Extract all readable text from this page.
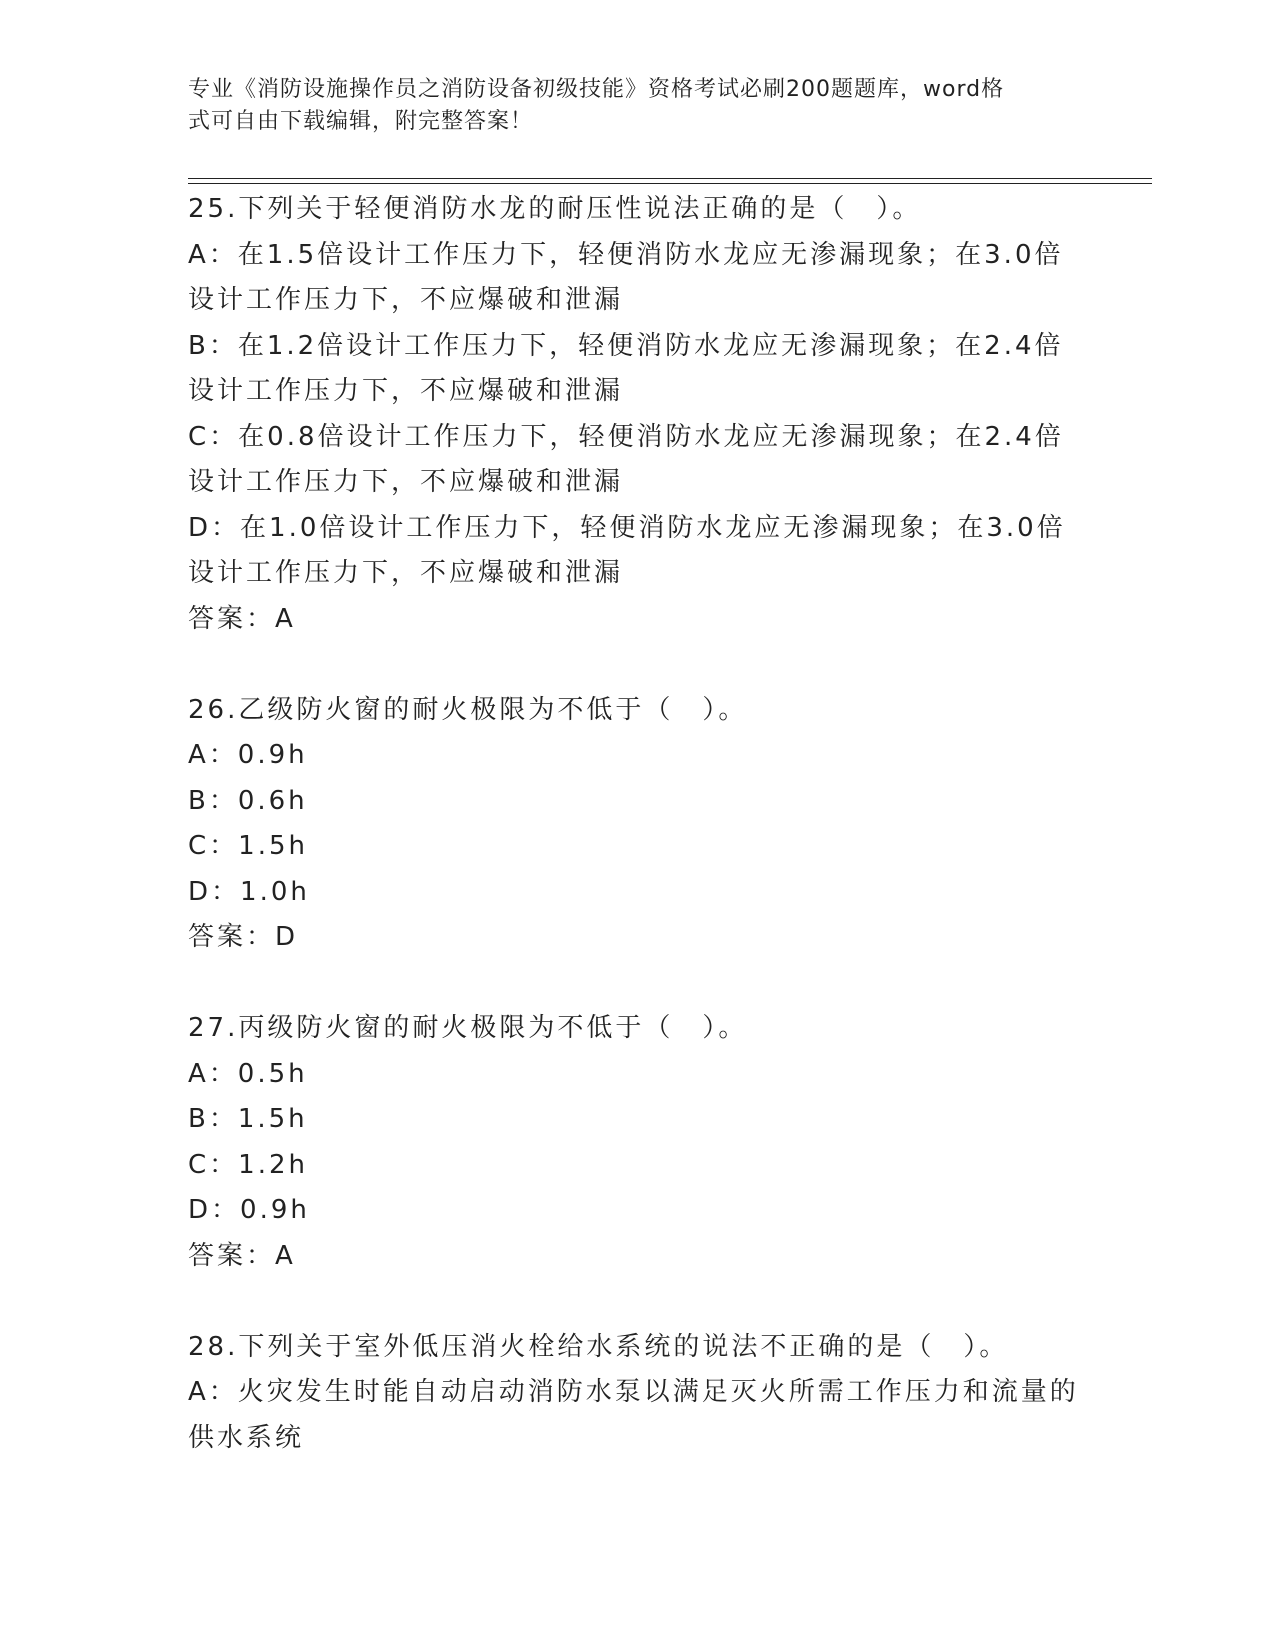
专业《消防设施操作员之消防设备初级技能》资格考试必刷200题题库，word格
式可自由下载编辑，附完整答案！
25.下列关于轻便消防水龙的耐压性说法正确的是（　）。
A：在1.5倍设计工作压力下，轻便消防水龙应无渗漏现象；在3.0倍
设计工作压力下，不应爆破和泄漏
B：在1.2倍设计工作压力下，轻便消防水龙应无渗漏现象；在2.4倍
设计工作压力下，不应爆破和泄漏
C：在0.8倍设计工作压力下，轻便消防水龙应无渗漏现象；在2.4倍
设计工作压力下，不应爆破和泄漏
D：在1.0倍设计工作压力下，轻便消防水龙应无渗漏现象；在3.0倍
设计工作压力下，不应爆破和泄漏
答案：A
26.乙级防火窗的耐火极限为不低于（　）。
A：0.9h
B：0.6h
C：1.5h
D：1.0h
答案：D
27.丙级防火窗的耐火极限为不低于（　）。
A：0.5h
B：1.5h
C：1.2h
D：0.9h
答案：A
28.下列关于室外低压消火栓给水系统的说法不正确的是（　）。
A：火灾发生时能自动启动消防水泵以满足灭火所需工作压力和流量的
供水系统
